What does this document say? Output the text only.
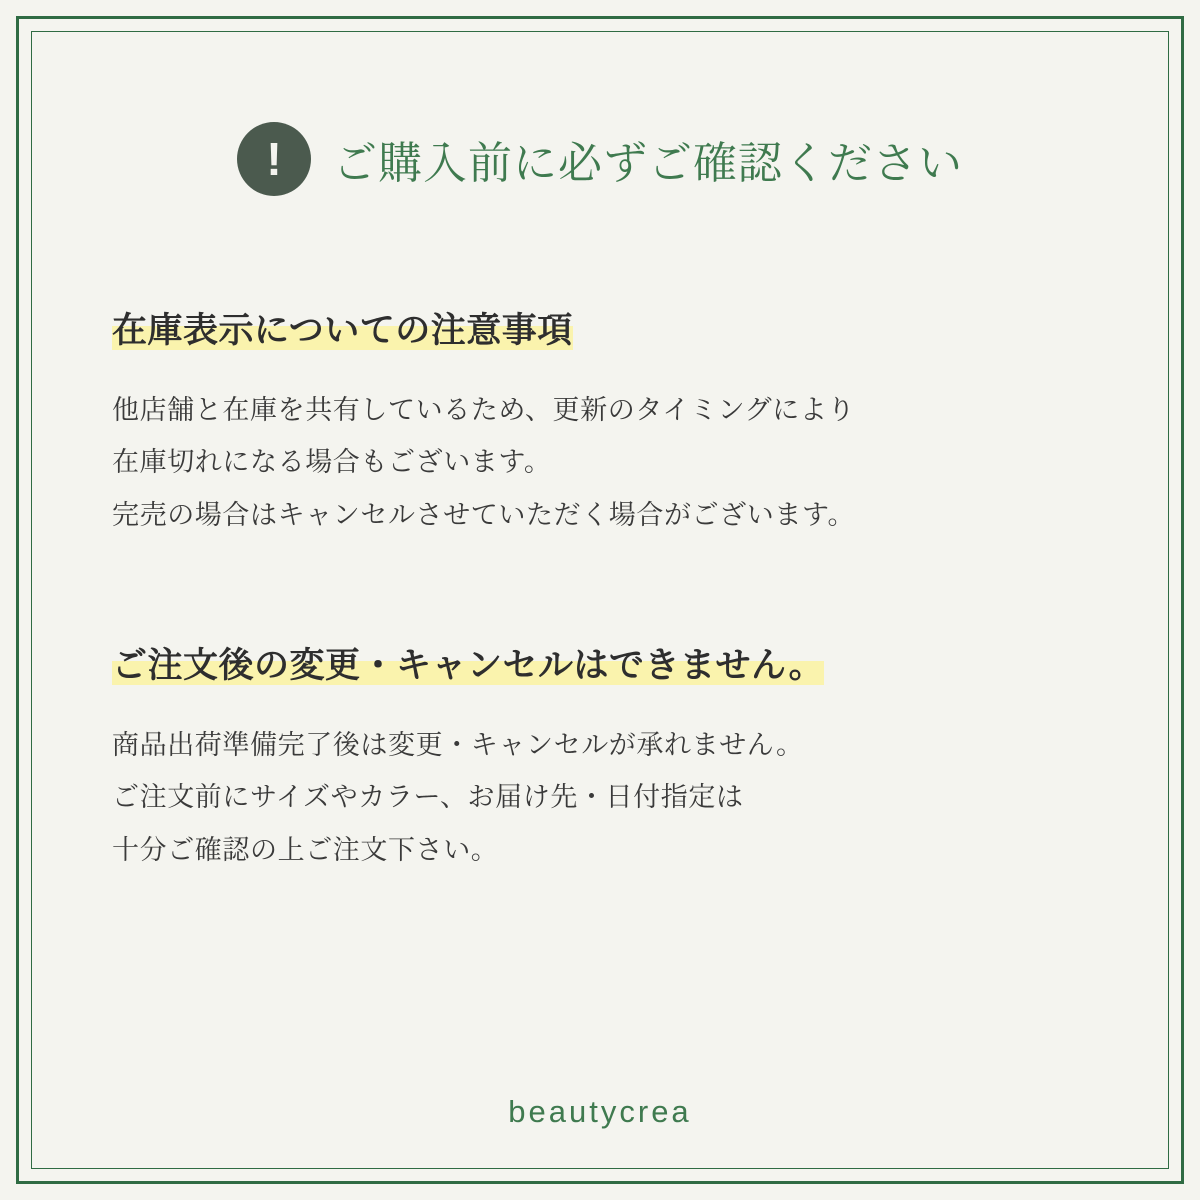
!	ご購入前に必ずご確認ください
在庫表示についての注意事項
他店舗と在庫を共有しているため、更新のタイミングにより
在庫切れになる場合もございます。
完売の場合はキャンセルさせていただく場合がございます。
ご注文後の変更・キャンセルはできません。
商品出荷準備完了後は変更・キャンセルが承れません。
ご注文前にサイズやカラー、お届け先・日付指定は
十分ご確認の上ご注文下さい。
beautycrea
